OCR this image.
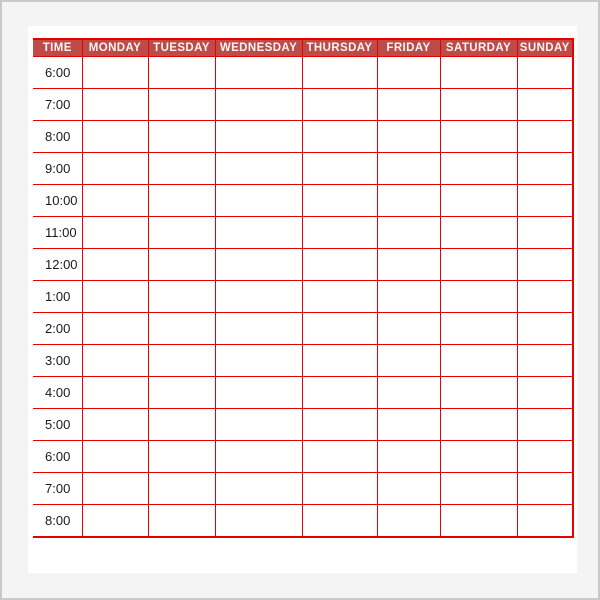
TIME	MONDAY	TUESDAY	WEDNESDAY	THURSDAY	FRIDAY	SATURDAY	SUNDAY
6:00							
7:00							
8:00							
9:00							
10:00							
11:00							
12:00							
1:00							
2:00							
3:00							
4:00							
5:00							
6:00							
7:00							
8:00							
